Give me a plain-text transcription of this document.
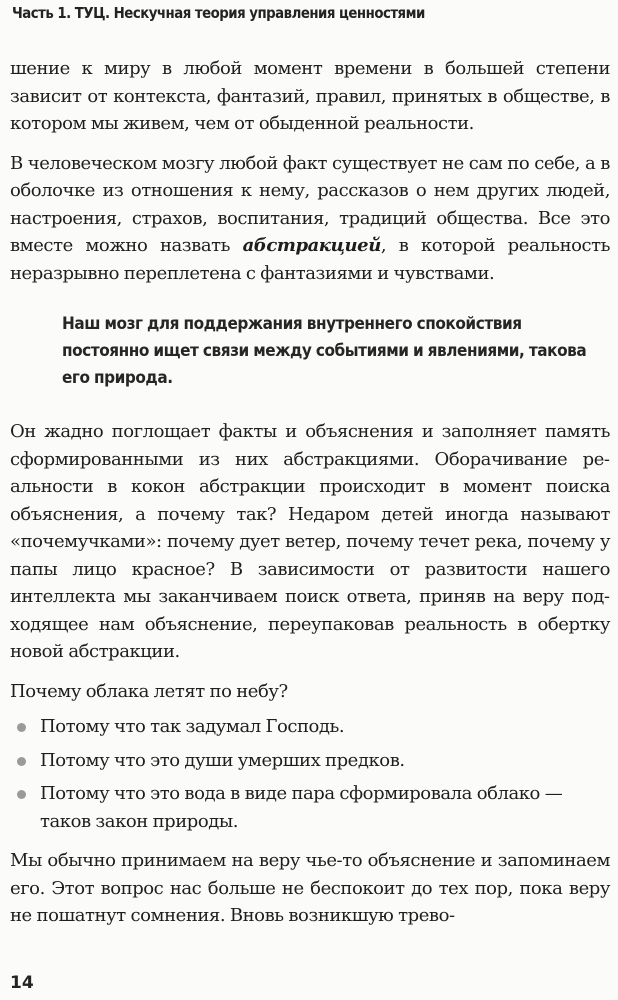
Часть 1. ТУЦ. Нескучная теория управления ценностями

шение к миру в любой момент времени в большей степени зависит от контекста, фантазий, правил, принятых в обществе, в котором мы живем, чем от обыденной реальности.

В человеческом мозгу любой факт существует не сам по себе, а в оболочке из отношения к нему, рассказов о нем других людей, настроения, страхов, воспитания, традиций общества. Все это вместе можно назвать абстракцией, в которой реальность неразрывно переплетена с фантазиями и чувствами.

Наш мозг для поддержания внутреннего спокойствия постоянно ищет связи между событиями и явлениями, такова его природа.

Он жадно поглощает факты и объяснения и заполняет память сформированными из них абстракциями. Оборачивание реальности в кокон абстракции происходит в момент поиска объяснения, а почему так? Недаром детей иногда называют «почемучками»: почему дует ветер, почему течет река, почему у папы лицо красное? В зависимости от развитости нашего интеллекта мы заканчиваем поиск ответа, приняв на веру подходящее нам объяснение, переупаковав реальность в обертку новой абстракции.

Почему облака летят по небу?

Потому что так задумал Господь.
Потому что это души умерших предков.
Потому что это вода в виде пара сформировала облако — таков закон природы.

Мы обычно принимаем на веру чье-то объяснение и запоминаем его. Этот вопрос нас больше не беспокоит до тех пор, пока веру не пошатнут сомнения. Вновь возникшую трево-

14
